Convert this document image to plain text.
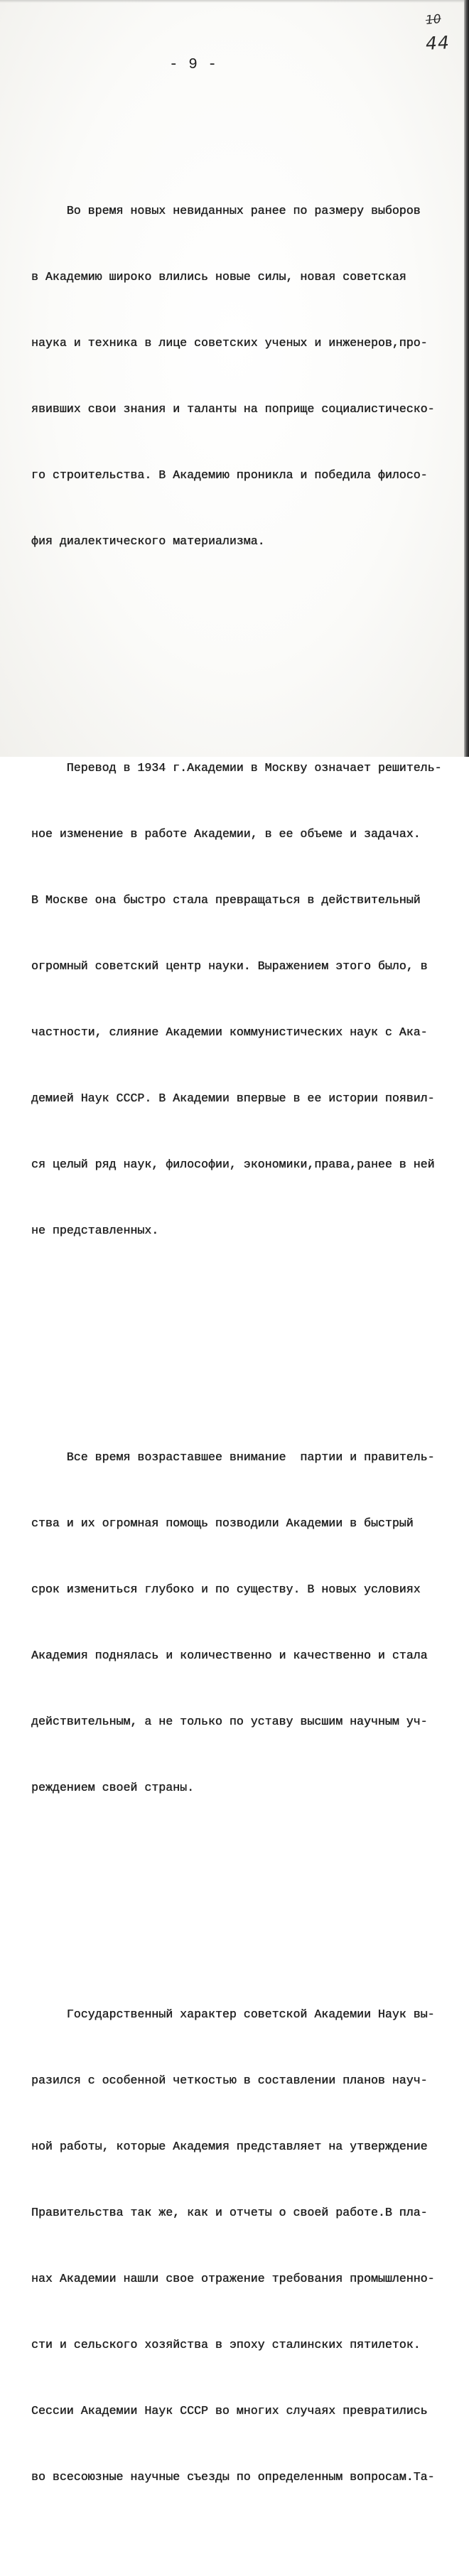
10
44
- 9 -

Во время новых невиданных ранее по размеру выборов

в Академию широко влились новые силы, новая советская

наука и техника в лице советских ученых и инженеров,про-

явивших свои знания и таланты на поприще социалистическо-

го строительства. В Академию проникла и победила филосо-

фия диалектического материализма.

Перевод в 1934 г.Академии в Москву означает решитель-

ное изменение в работе Академии, в ее объеме и задачах.

В Москве она быстро стала превращаться в действительный

огромный советский центр науки. Выражением этого было, в

частности, слияние Академии коммунистических наук с Ака-

демией Наук СССР. В Академии впервые в ее истории появил-

ся целый ряд наук, философии, экономики,права,ранее в ней

не представленных.

Все время возраставшее внимание  партии и правитель-

ства и их огромная помощь позводили Академии в быстрый

срок измениться глубоко и по существу. В новых условиях

Академия поднялась и количественно и качественно и стала

действительным, а не только по уставу высшим научным уч-

реждением своей страны.

Государственный характер советской Академии Наук вы-

разился с особенной четкостью в составлении планов науч-

ной работы, которые Академия представляет на утверждение

Правительства так же, как и отчеты о своей работе.В пла-

нах Академии нашли свое отражение требования промышленно-

сти и сельского хозяйства в эпоху сталинских пятилеток.

Сессии Академии Наук СССР во многих случаях превратились

во всесоюзные научные съезды по определенным вопросам.Та-
